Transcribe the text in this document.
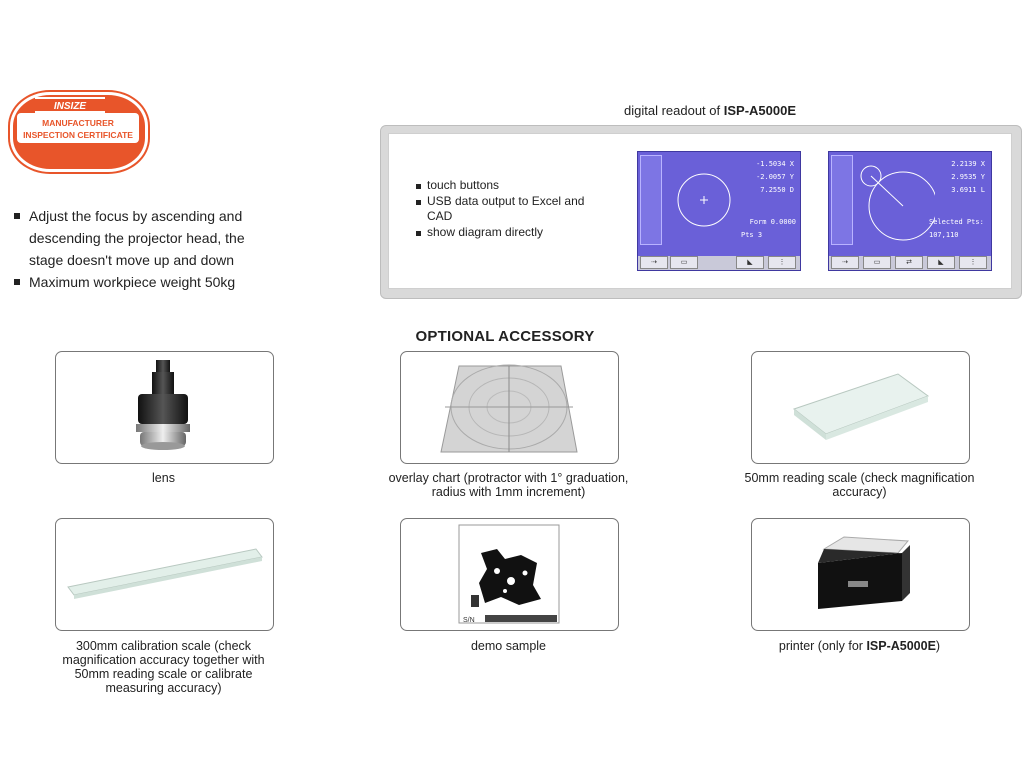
INSIZE
MANUFACTURER
INSPECTION CERTIFICATE
Adjust the focus by ascending and descending the projector head, the stage doesn't move up and down
Maximum workpiece weight 50kg
digital readout of ISP-A5000E
touch buttons
USB data output to Excel and CAD
show diagram directly
-1.5034 X
-2.0057 Y
7.2550 D
Form 0.0000
Pts 3
⇢	▭	◣	⋮
2.2139 X
2.9535 Y
3.6911 L
Selected Pts:
107,110
⇢	▭	⇄	◣	⋮
OPTIONAL ACCESSORY
lens	overlay chart (protractor with 1° graduation, radius with 1mm increment)
50mm reading scale (check magnification accuracy)
S/N
300mm calibration scale (check magnification accuracy together with 50mm reading scale or calibrate measuring accuracy)
demo sample	printer (only for ISP-A5000E)
